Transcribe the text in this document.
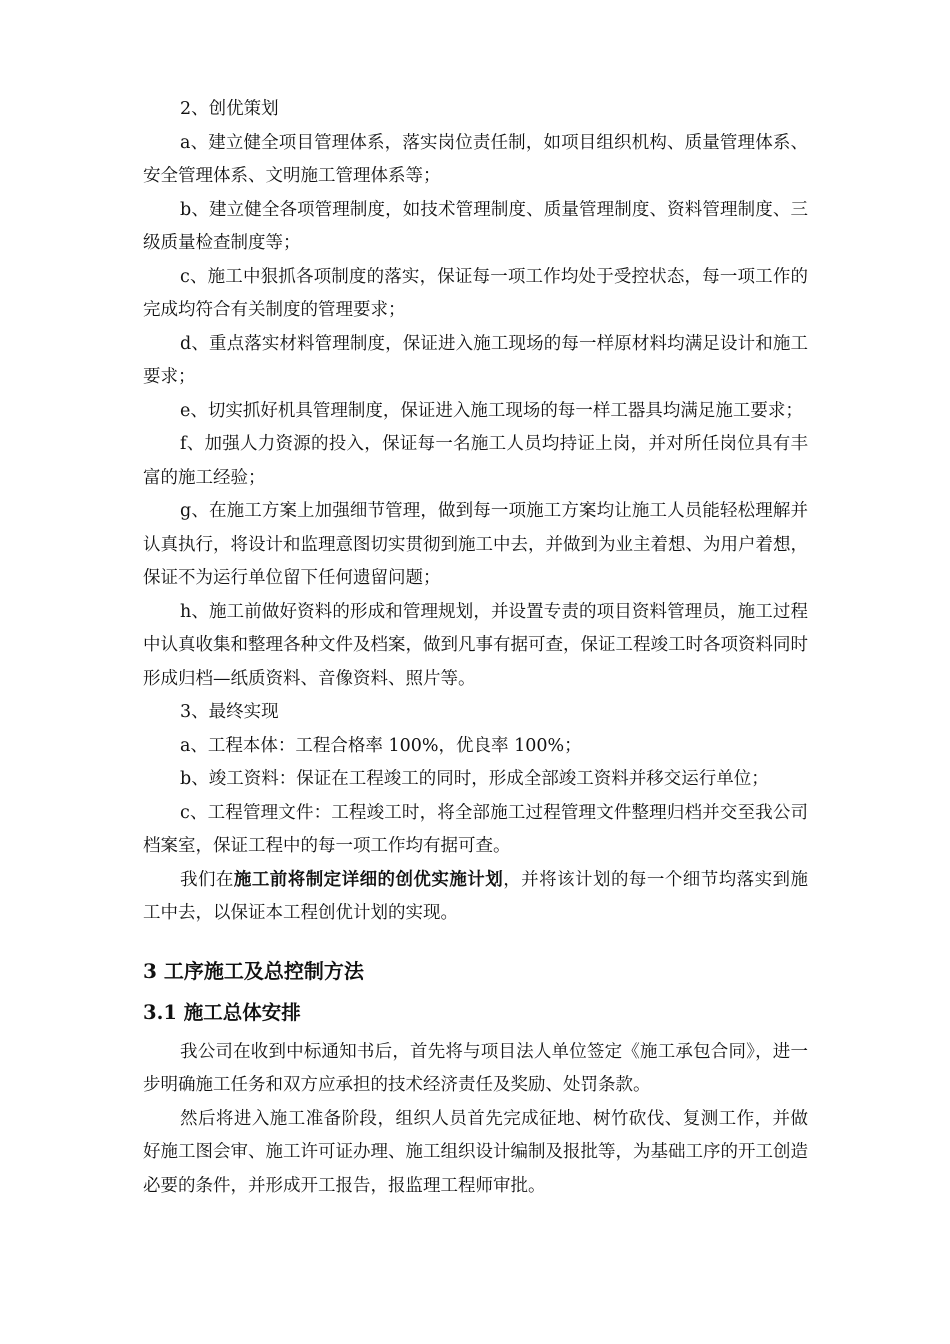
2、创优策划

a、建立健全项目管理体系，落实岗位责任制，如项目组织机构、质量管理体系、安全管理体系、文明施工管理体系等；

b、建立健全各项管理制度，如技术管理制度、质量管理制度、资料管理制度、三级质量检查制度等；

c、施工中狠抓各项制度的落实，保证每一项工作均处于受控状态，每一项工作的完成均符合有关制度的管理要求；

d、重点落实材料管理制度，保证进入施工现场的每一样原材料均满足设计和施工要求；

e、切实抓好机具管理制度，保证进入施工现场的每一样工器具均满足施工要求；

f、加强人力资源的投入，保证每一名施工人员均持证上岗，并对所任岗位具有丰富的施工经验；

g、在施工方案上加强细节管理，做到每一项施工方案均让施工人员能轻松理解并认真执行，将设计和监理意图切实贯彻到施工中去，并做到为业主着想、为用户着想，保证不为运行单位留下任何遗留问题；

h、施工前做好资料的形成和管理规划，并设置专责的项目资料管理员，施工过程中认真收集和整理各种文件及档案，做到凡事有据可查，保证工程竣工时各项资料同时形成归档—纸质资料、音像资料、照片等。

3、最终实现

a、工程本体：工程合格率 100%，优良率 100%；

b、竣工资料：保证在工程竣工的同时，形成全部竣工资料并移交运行单位；

c、工程管理文件：工程竣工时，将全部施工过程管理文件整理归档并交至我公司档案室，保证工程中的每一项工作均有据可查。

我们在施工前将制定详细的创优实施计划，并将该计划的每一个细节均落实到施工中去，以保证本工程创优计划的实现。

3 工序施工及总控制方法
3.1 施工总体安排

我公司在收到中标通知书后，首先将与项目法人单位签定《施工承包合同》，进一步明确施工任务和双方应承担的技术经济责任及奖励、处罚条款。

然后将进入施工准备阶段，组织人员首先完成征地、树竹砍伐、复测工作，并做好施工图会审、施工许可证办理、施工组织设计编制及报批等，为基础工序的开工创造必要的条件，并形成开工报告，报监理工程师审批。
